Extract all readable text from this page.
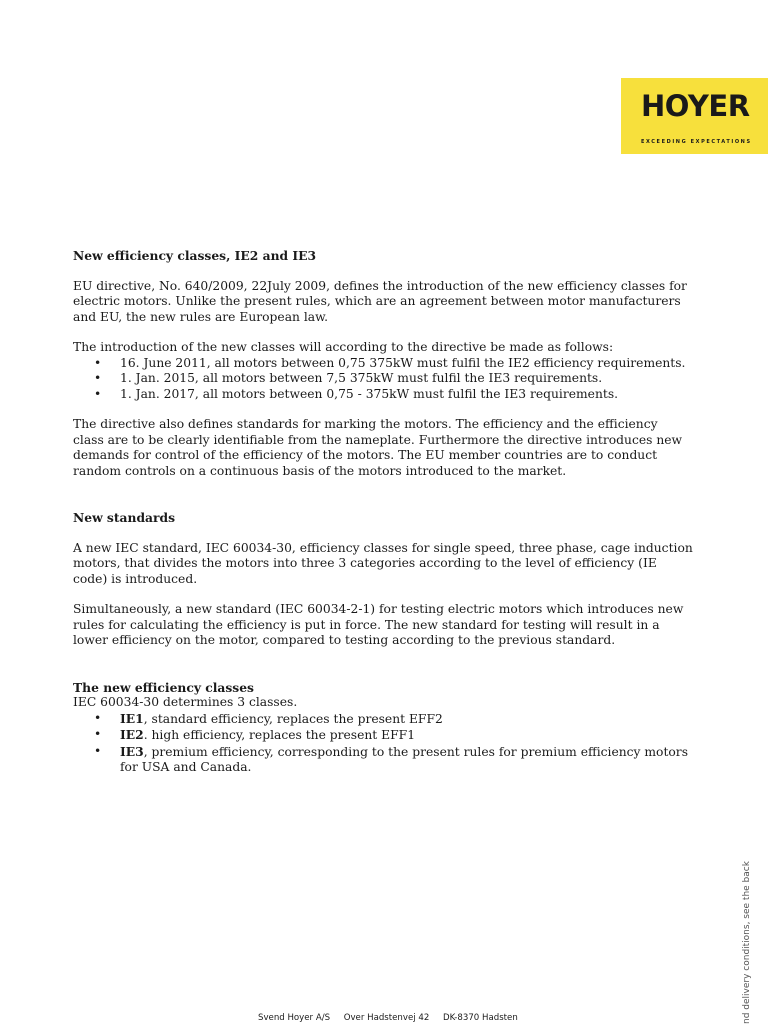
HOYER
EXCEEDING EXPECTATIONS

New efficiency classes, IE2 and IE3

EU directive, No. 640/2009, 22July 2009, defines the introduction of the new efficiency classes for

electric motors. Unlike the present rules, which are an agreement between motor manufacturers

and EU, the new rules are European law.

The introduction of the new classes will according to the directive be made as follows:

• 16. June 2011, all motors between 0,75 375kW must fulfil the IE2 efficiency requirements.
• 1. Jan. 2015, all motors between 7,5 375kW must fulfil the IE3 requirements.
• 1. Jan. 2017, all motors between 0,75 - 375kW must fulfil the IE3 requirements.

The directive also defines standards for marking the motors. The efficiency and the efficiency

class are to be clearly identifiable from the nameplate. Furthermore the directive introduces new

demands for control of the efficiency of the motors. The EU member countries are to conduct

random controls on a continuous basis of the motors introduced to the market.

New standards

A new IEC standard, IEC 60034-30, efficiency classes for single speed, three phase, cage induction

motors, that divides the motors into three 3 categories according to the level of efficiency (IE

code) is introduced.

Simultaneously, a new standard (IEC 60034-2-1) for testing electric motors which introduces new

rules for calculating the efficiency is put in force. The new standard for testing will result in a

lower efficiency on the motor, compared to testing according to the previous standard.

The new efficiency classes

IEC 60034-30 determines 3 classes.

• IE1, standard efficiency, replaces the present EFF2
• IE2. high efficiency, replaces the present EFF1
• IE3, premium efficiency, corresponding to the present rules for premium efficiency motors
for USA and Canada.
nd delivery conditions, see the back
Svend Hoyer A/S     Over Hadstenvej 42     DK-8370 Hadsten
